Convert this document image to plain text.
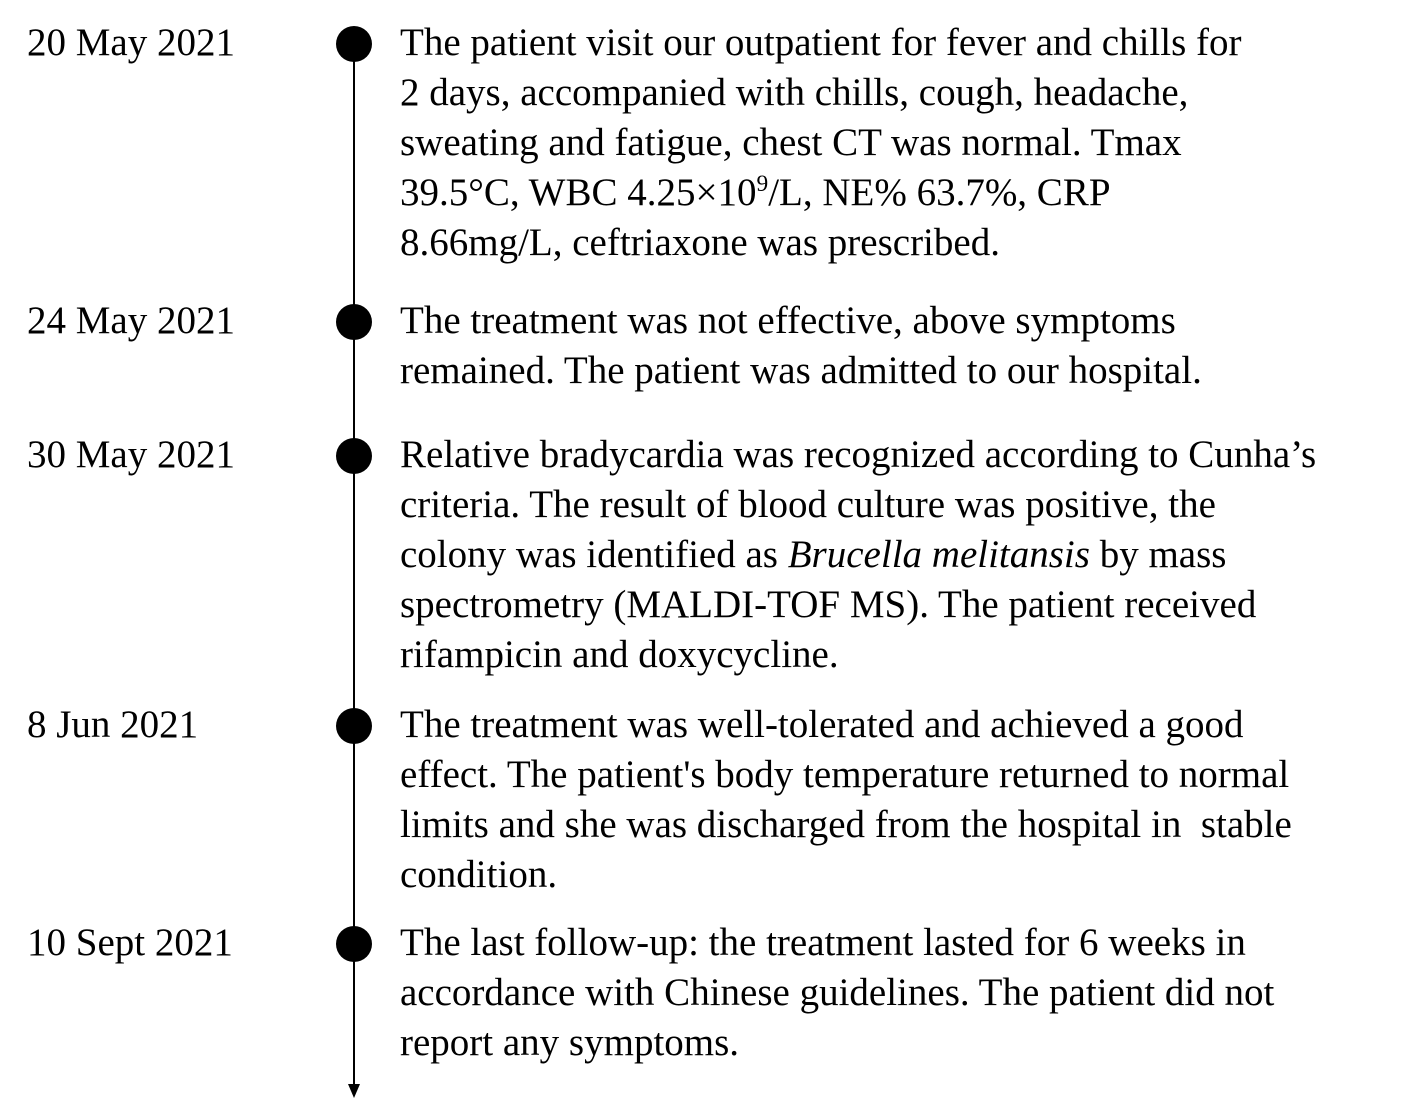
20 May 2021	The patient visit our outpatient for fever and chills for
2 days, accompanied with chills, cough, headache,
sweating and fatigue, chest CT was normal. Tmax
39.5°C, WBC $4.25\times 10^9/L$, NE% 63.7%, CRP
8.66mg/L, ceftriaxone was prescribed.
24 May 2021	The treatment was not effective, above symptoms
remained. The patient was admitted to our hospital.
30 May 2021	Relative bradycardia was recognized according to Cunha’s
criteria. The result of blood culture was positive, the
colony was identified as Brucella melitansis by mass
spectrometry (MALDI-TOF MS). The patient received
rifampicin and doxycycline.
8 Jun 2021	The treatment was well-tolerated and achieved a good
effect. The patient's body temperature returned to normal
limits and she was discharged from the hospital in  stable
condition.
10 Sept 2021	The last follow-up: the treatment lasted for 6 weeks in
accordance with Chinese guidelines. The patient did not
report any symptoms.
